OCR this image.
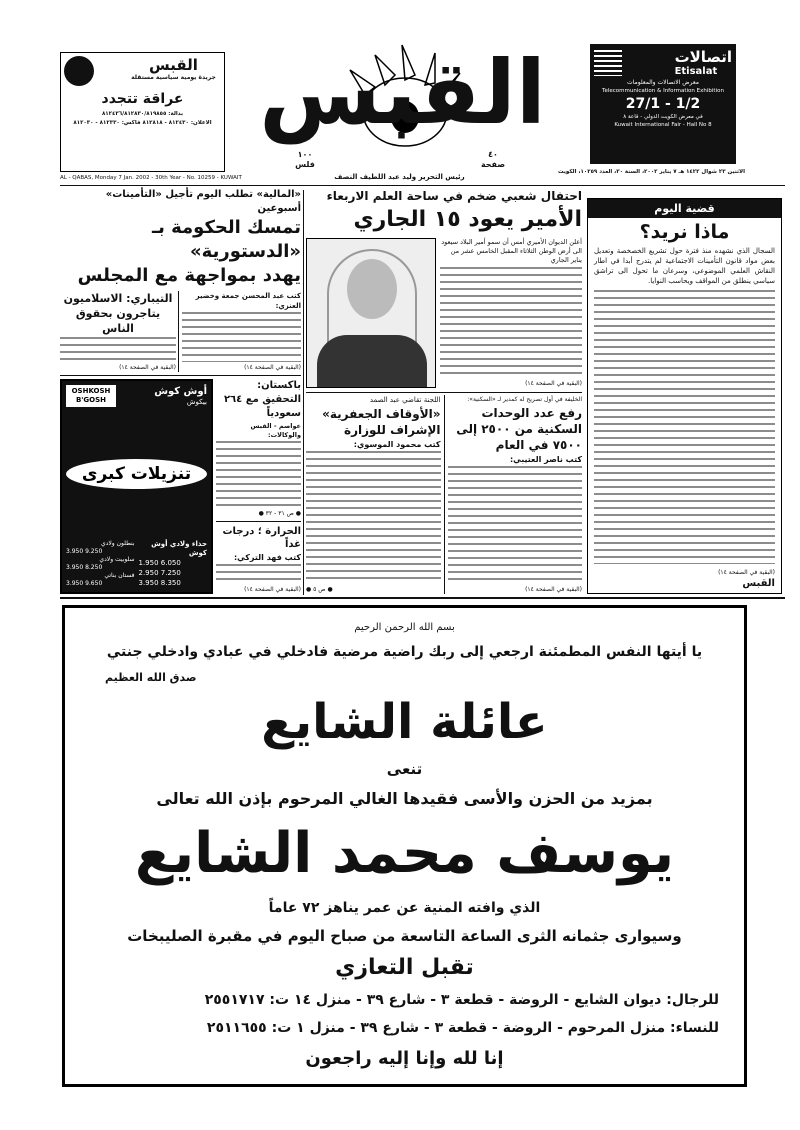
القبس
جريدة يومية سياسية مستقلة
عراقة تتجدد
بدالة: ٨١٢٤٣٦/٨١٢٨٣٠/٨١٩٨٥٥
الاعلان: ٨١٢٤٣٠ - ٨١٢٨١٨ فاكس: ٨١٢٣٣٠ - ٨١٢٠٣٠
AL - QABAS, Monday 7 Jan. 2002 - 30th Year - No. 10259 - KUWAIT
القبس
١٠٠
فلس
٤٠
صفحة
رئيس التحرير وليد عبد اللطيف النصف
اتصالات
Etisalat
معرض الاتصالات والمعلومات
Telecommunication & Information Exhibition
27/1 - 1/2
في معرض الكويت الدولي - قاعة ٨
Kuwait International Fair - Hall No 8
الاثنين ٢٣ شوال ١٤٢٢ هـ ٧ يناير ٢٠٠٢، السنة ٣٠، العدد ١٠٢٥٩، الكويت
قضية اليوم
ماذا نريد؟
السجال الذي نشهده منذ فترة حول تشريع الخصخصة وتعديل بعض مواد قانون التأمينات الاجتماعية لم يتدرج أبدا في اطار النقاش العلمي الموضوعي، وسرعان ما تحول الى تراشق سياسي ينطلق من المواقف ويحاسب النوايا.
(البقية في الصفحة ١٤)
القبس
احتفال شعبي ضخم في ساحة العلم الاربعاء
الأمير يعود ١٥ الجاري
أعلن الديوان الأميري أمس أن سمو أمير البلاد سيعود الى أرض الوطن الثلاثاء المقبل الخامس عشر من يناير الجاري
(البقية في الصفحة ١٤)
الخليفة في أول تصريح له كمدير لـ «السكنية»:
رفع عدد الوحدات السكنية من ٢٥٠٠ إلى ٧٥٠٠ في العام
كتب ناصر العتيبي:
(البقية في الصفحة ١٤)
اللجنة تقاضي عبد الصمد
«الأوقاف الجعفرية» الإشراف للوزارة
كتب محمود الموسوي:
● ص ٥ ●
«المالية» تطلب اليوم تأجيل «التأمينات» أسبوعين
تمسك الحكومة بـ «الدستورية»
يهدد بمواجهة مع المجلس
كتب عبد المحسن جمعة وخضير العنزي:
(البقية في الصفحة ١٤)
التيباري: الاسلاميون يتاجرون بحقوق الناس
(البقية في الصفحة ١٤)
باكستان: التحقيق مع ٢٦٤ سعودياً
عواصم - القبس والوكالات:
● ص ٣١ - ٣٢ ●
الحرارة ؛ درجات غداً
كتب فهد التركي:
(البقية في الصفحة ١٤)
أوش كوش
بيكوش
OSHKOSH B'GOSH
تنزيلات كبرى
حذاء ولادي أوش كوش
1.950 6.050
2.950 7.250
3.950 8.350
بنطلون ولادي
3.950 9.250
سلوبيت ولادي
3.950 8.250
فستان بناتي
3.950 9.650
بسم الله الرحمن الرحيم
يا أيتها النفس المطمئنة ارجعي إلى ربك راضية مرضية فادخلي في عبادي وادخلي جنتي
صدق الله العظيم
عائلة الشايع
تنعى
بمزيد من الحزن والأسى فقيدها الغالي المرحوم بإذن الله تعالى
يوسف محمد الشايع
الذي وافته المنية عن عمر يناهز ٧٢ عاماً
وسيوارى جثمانه الثرى الساعة التاسعة من صباح اليوم في مقبرة الصليبخات
تقبل التعازي
للرجال: ديوان الشايع - الروضة - قطعة ٣ - شارع ٣٩ - منزل ١٤ ت: ٢٥٥١٧١٧
للنساء: منزل المرحوم - الروضة - قطعة ٣ - شارع ٣٩ - منزل ١ ت: ٢٥١١٦٥٥
إنا لله وإنا إليه راجعون
